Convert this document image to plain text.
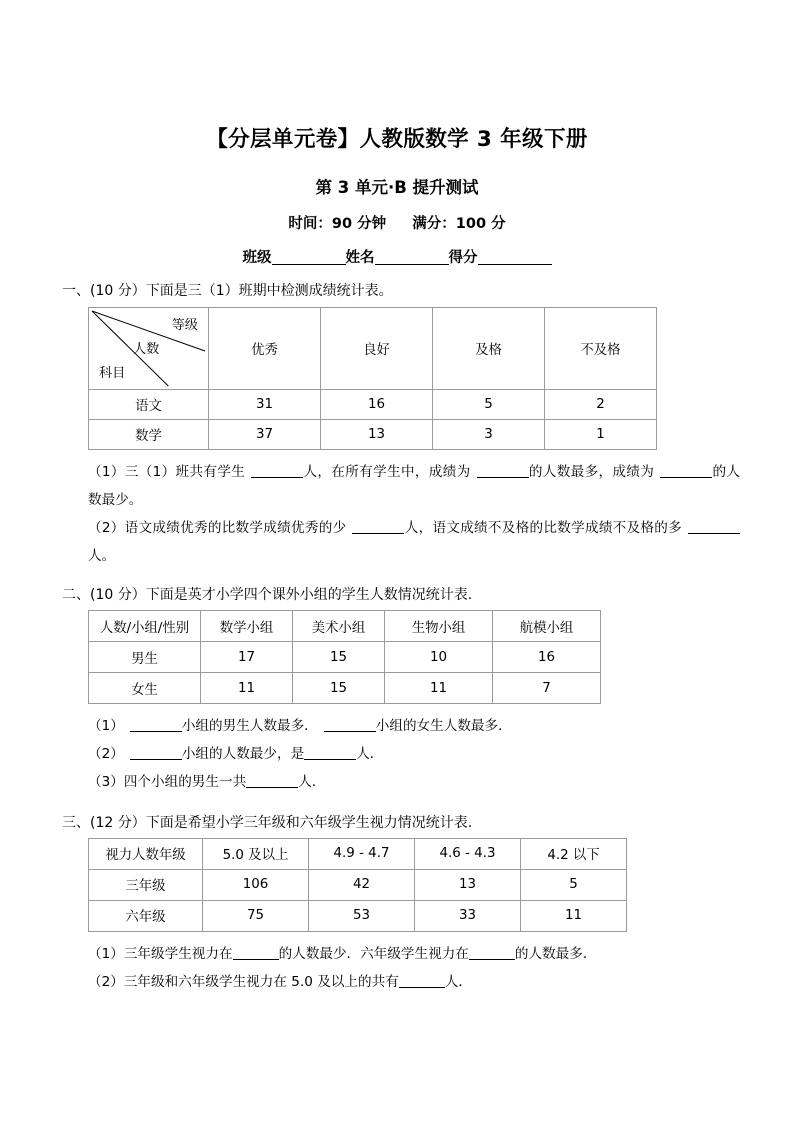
【分层单元卷】人教版数学 3 年级下册
第 3 单元·B 提升测试

时间：90 分钟 满分：100 分

班级	姓名	得分

一、(10 分）下面是三（1）班期中检测成绩统计表。

等级
人数
科目	优秀	良好	及格	不及格
语文	31	16	5	2
数学	37	13	3	1

（1）三（1）班共有学生	人，在所有学生中，成绩为	的人数最多，成绩为	的人数最少。

（2）语文成绩优秀的比数学成绩优秀的少	人，语文成绩不及格的比数学成绩不及格的多人。

二、(10 分）下面是英才小学四个课外小组的学生人数情况统计表.

人数/小组/性别	数学小组	美术小组	生物小组	航模小组
男生	17	15	10	16
女生	11	15	11	7

（1）	小组的男生人数最多．	小组的女生人数最多．

（2）	小组的人数最少，是	人．

（3）四个小组的男生一共	人．

三、(12 分）下面是希望小学三年级和六年级学生视力情况统计表.

视力人数年级	5.0 及以上	4.9 - 4.7	4.6 - 4.3	4.2 以下
三年级	106	42	13	5
六年级	75	53	33	11

（1）三年级学生视力在	的人数最少．六年级学生视力在	的人数最多．

（2）三年级和六年级学生视力在 5.0 及以上的共有	人．
